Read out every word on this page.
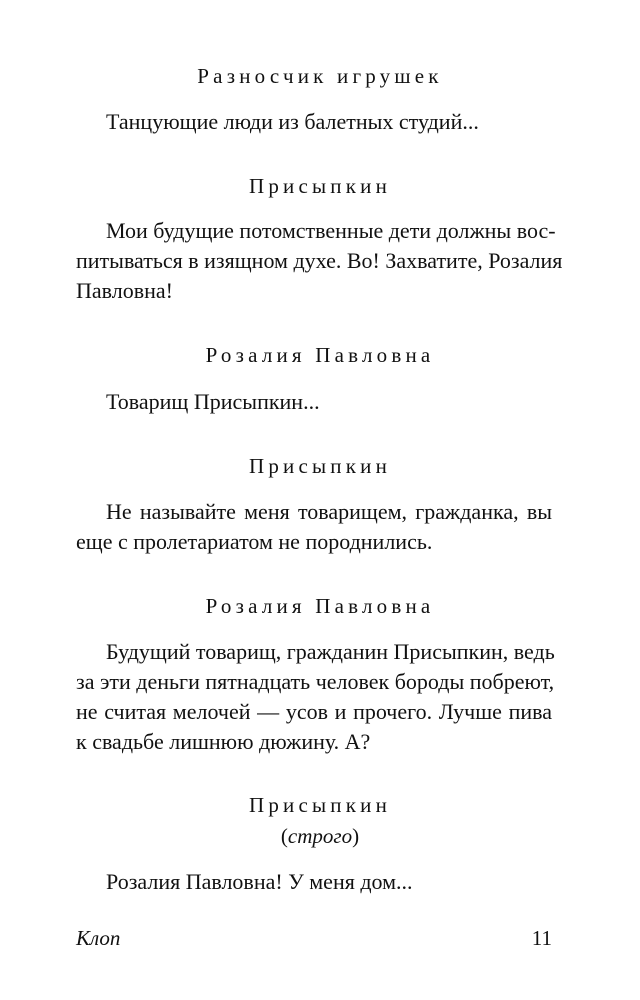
Разносчик игрушек
Танцующие люди из балетных студий...
Присыпкин
Мои будущие потомственные дети должны вос-
питываться в изящном духе. Во! Захватите, Розалия
Павловна!
Розалия Павловна
Товарищ Присыпкин...
Присыпкин
Не называйте меня товарищем, гражданка, вы
еще с пролетариатом не породнились.
Розалия Павловна
Будущий товарищ, гражданин Присыпкин, ведь
за эти деньги пятнадцать человек бороды побреют,
не считая мелочей — усов и прочего. Лучше пива
к свадьбе лишнюю дюжину. А?
Присыпкин
(строго)
Розалия Павловна! У меня дом...
Клоп	11
